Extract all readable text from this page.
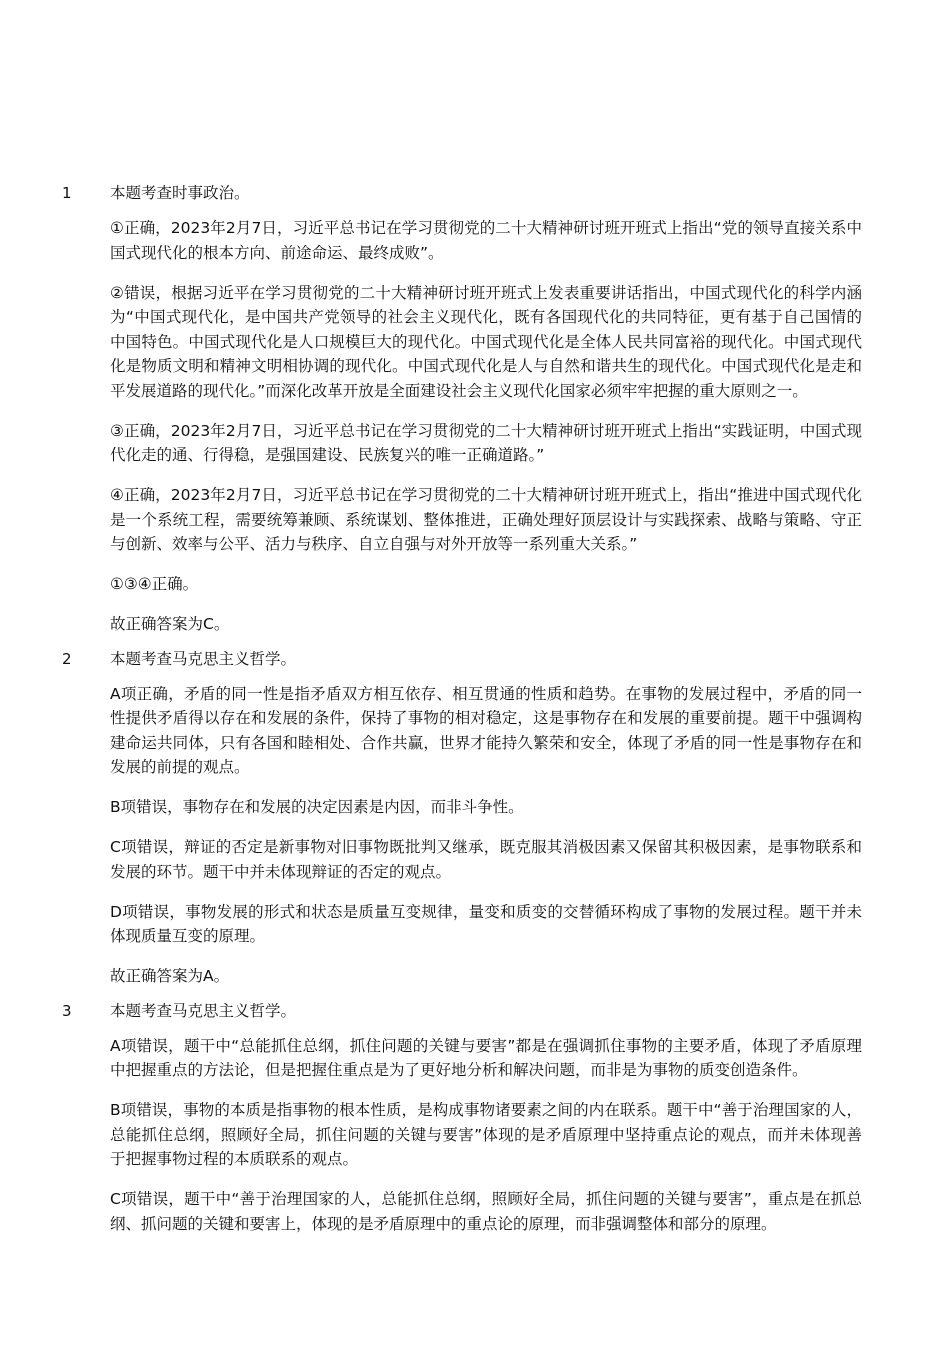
1	本题考查时事政治。

①正确，2023年2月7日，习近平总书记在学习贯彻党的二十大精神研讨班开班式上指出“党的领导直接关系中国式现代化的根本方向、前途命运、最终成败”。

②错误，根据习近平在学习贯彻党的二十大精神研讨班开班式上发表重要讲话指出，中国式现代化的科学内涵为“中国式现代化，是中国共产党领导的社会主义现代化，既有各国现代化的共同特征，更有基于自己国情的中国特色。中国式现代化是人口规模巨大的现代化。中国式现代化是全体人民共同富裕的现代化。中国式现代化是物质文明和精神文明相协调的现代化。中国式现代化是人与自然和谐共生的现代化。中国式现代化是走和平发展道路的现代化。”而深化改革开放是全面建设社会主义现代化国家必须牢牢把握的重大原则之一。

③正确，2023年2月7日，习近平总书记在学习贯彻党的二十大精神研讨班开班式上指出“实践证明，中国式现代化走的通、行得稳，是强国建设、民族复兴的唯一正确道路。”

④正确，2023年2月7日，习近平总书记在学习贯彻党的二十大精神研讨班开班式上，指出“推进中国式现代化是一个系统工程，需要统筹兼顾、系统谋划、整体推进，正确处理好顶层设计与实践探索、战略与策略、守正与创新、效率与公平、活力与秩序、自立自强与对外开放等一系列重大关系。”

①③④正确。

故正确答案为C。

2	本题考查马克思主义哲学。

A项正确，矛盾的同一性是指矛盾双方相互依存、相互贯通的性质和趋势。在事物的发展过程中，矛盾的同一性提供矛盾得以存在和发展的条件，保持了事物的相对稳定，这是事物存在和发展的重要前提。题干中强调构建命运共同体，只有各国和睦相处、合作共赢，世界才能持久繁荣和安全，体现了矛盾的同一性是事物存在和发展的前提的观点。

B项错误，事物存在和发展的决定因素是内因，而非斗争性。

C项错误，辩证的否定是新事物对旧事物既批判又继承，既克服其消极因素又保留其积极因素，是事物联系和发展的环节。题干中并未体现辩证的否定的观点。

D项错误，事物发展的形式和状态是质量互变规律，量变和质变的交替循环构成了事物的发展过程。题干并未体现质量互变的原理。

故正确答案为A。

3	本题考查马克思主义哲学。

A项错误，题干中“总能抓住总纲，抓住问题的关键与要害”都是在强调抓住事物的主要矛盾，体现了矛盾原理中把握重点的方法论，但是把握住重点是为了更好地分析和解决问题，而非是为事物的质变创造条件。

B项错误，事物的本质是指事物的根本性质，是构成事物诸要素之间的内在联系。题干中“善于治理国家的人，总能抓住总纲，照顾好全局，抓住问题的关键与要害”体现的是矛盾原理中坚持重点论的观点，而并未体现善于把握事物过程的本质联系的观点。

C项错误，题干中“善于治理国家的人，总能抓住总纲，照顾好全局，抓住问题的关键与要害”，重点是在抓总纲、抓问题的关键和要害上，体现的是矛盾原理中的重点论的原理，而非强调整体和部分的原理。
